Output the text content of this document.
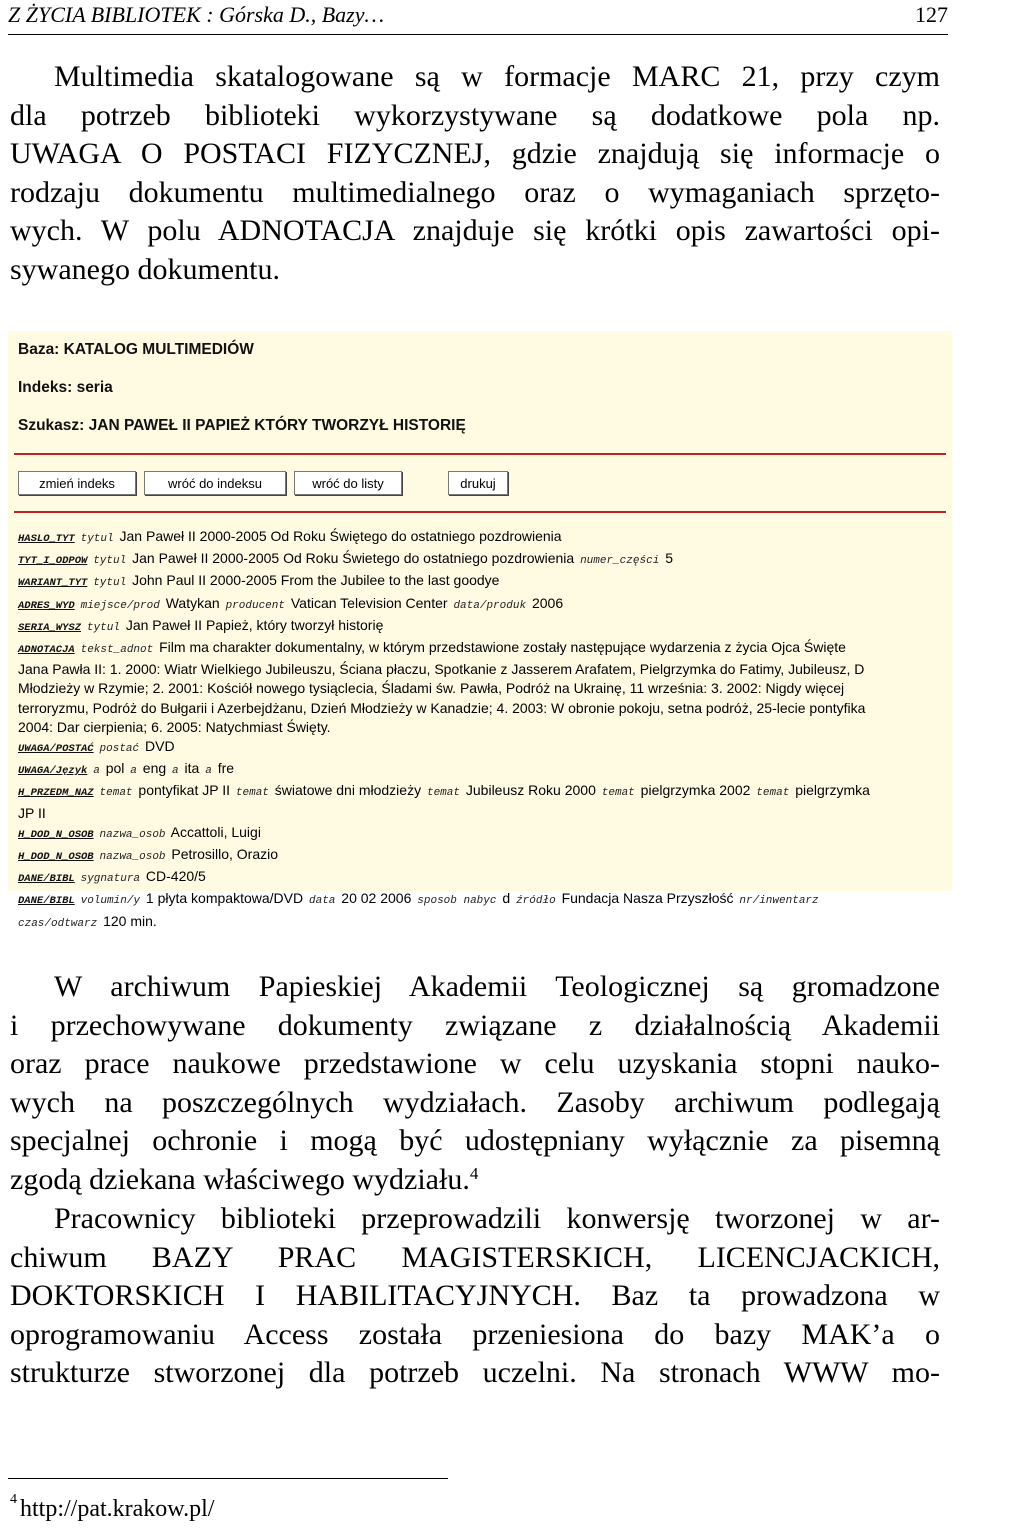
Z ŻYCIA BIBLIOTEK : Górska D., Bazy…	127
Multimedia skatalogowane są w formacje MARC 21, przy czym
dla potrzeb biblioteki wykorzystywane są dodatkowe pola np.
UWAGA O POSTACI FIZYCZNEJ, gdzie znajdują się informacje o
rodzaju dokumentu multimedialnego oraz o wymaganiach sprzęto-
wych. W polu ADNOTACJA znajduje się krótki opis zawartości opi-
sywanego dokumentu.
Baza: KATALOG MULTIMEDIÓW
Indeks: seria
Szukasz: JAN PAWEŁ II PAPIEŻ KTÓRY TWORZYŁ HISTORIĘ
zmień indeks	wróć do indeksu	wróć do listy	drukuj
HASLO_TYT tytul Jan Paweł II 2000-2005 Od Roku Świętego do ostatniego pozdrowienia
TYT_I_ODPOW tytul Jan Paweł II 2000-2005 Od Roku Świetego do ostatniego pozdrowienia numer_części 5
WARIANT_TYT tytul John Paul II 2000-2005 From the Jubilee to the last goodye
ADRES_WYD miejsce/prod Watykan producent Vatican Television Center data/produk 2006
SERIA_WYSZ tytul Jan Paweł II Papież, który tworzył historię
ADNOTACJA tekst_adnot Film ma charakter dokumentalny, w którym przedstawione zostały następujące wydarzenia z życia Ojca Święte
Jana Pawła II: 1. 2000: Wiatr Wielkiego Jubileuszu, Ściana płaczu, Spotkanie z Jasserem Arafatem, Pielgrzymka do Fatimy, Jubileusz, D
Młodzieży w Rzymie; 2. 2001: Kościół nowego tysiąclecia, Śladami św. Pawła, Podróż na Ukrainę, 11 września: 3. 2002: Nigdy więcej
terroryzmu, Podróż do Bułgarii i Azerbejdżanu, Dzień Młodzieży w Kanadzie; 4. 2003: W obronie pokoju, setna podróż, 25-lecie pontyfika
2004: Dar cierpienia; 6. 2005: Natychmiast Święty.
UWAGA/POSTAĆ postać DVD
UWAGA/Język a pol a eng a ita a fre
H_PRZEDM_NAZ temat pontyfikat JP II temat światowe dni młodzieży temat Jubileusz Roku 2000 temat pielgrzymka 2002 temat pielgrzymka
JP II
H_DOD_N_OSOB nazwa_osob Accattoli, Luigi
H_DOD_N_OSOB nazwa_osob Petrosillo, Orazio
DANE/BIBL sygnatura CD-420/5
DANE/BIBL volumin/y 1 płyta kompaktowa/DVD data 20 02 2006 sposob nabyc d źródło Fundacja Nasza Przyszłość nr/inwentarz
czas/odtwarz 120 min.
W archiwum Papieskiej Akademii Teologicznej są gromadzone
i przechowywane dokumenty związane z działalnością Akademii
oraz prace naukowe przedstawione w celu uzyskania stopni nauko-
wych na poszczególnych wydziałach. Zasoby archiwum podlegają
specjalnej ochronie i mogą być udostępniany wyłącznie za pisemną
zgodą dziekana właściwego wydziału.$^4$
Pracownicy biblioteki przeprowadzili konwersję tworzonej w ar-
chiwum BAZY PRAC MAGISTERSKICH, LICENCJACKICH,
DOKTORSKICH I HABILITACYJNYCH. Baz ta prowadzona w
oprogramowaniu Access została przeniesiona do bazy MAK’a o
strukturze stworzonej dla potrzeb uczelni. Na stronach WWW mo-
$^4$ http://pat.krakow.pl/
